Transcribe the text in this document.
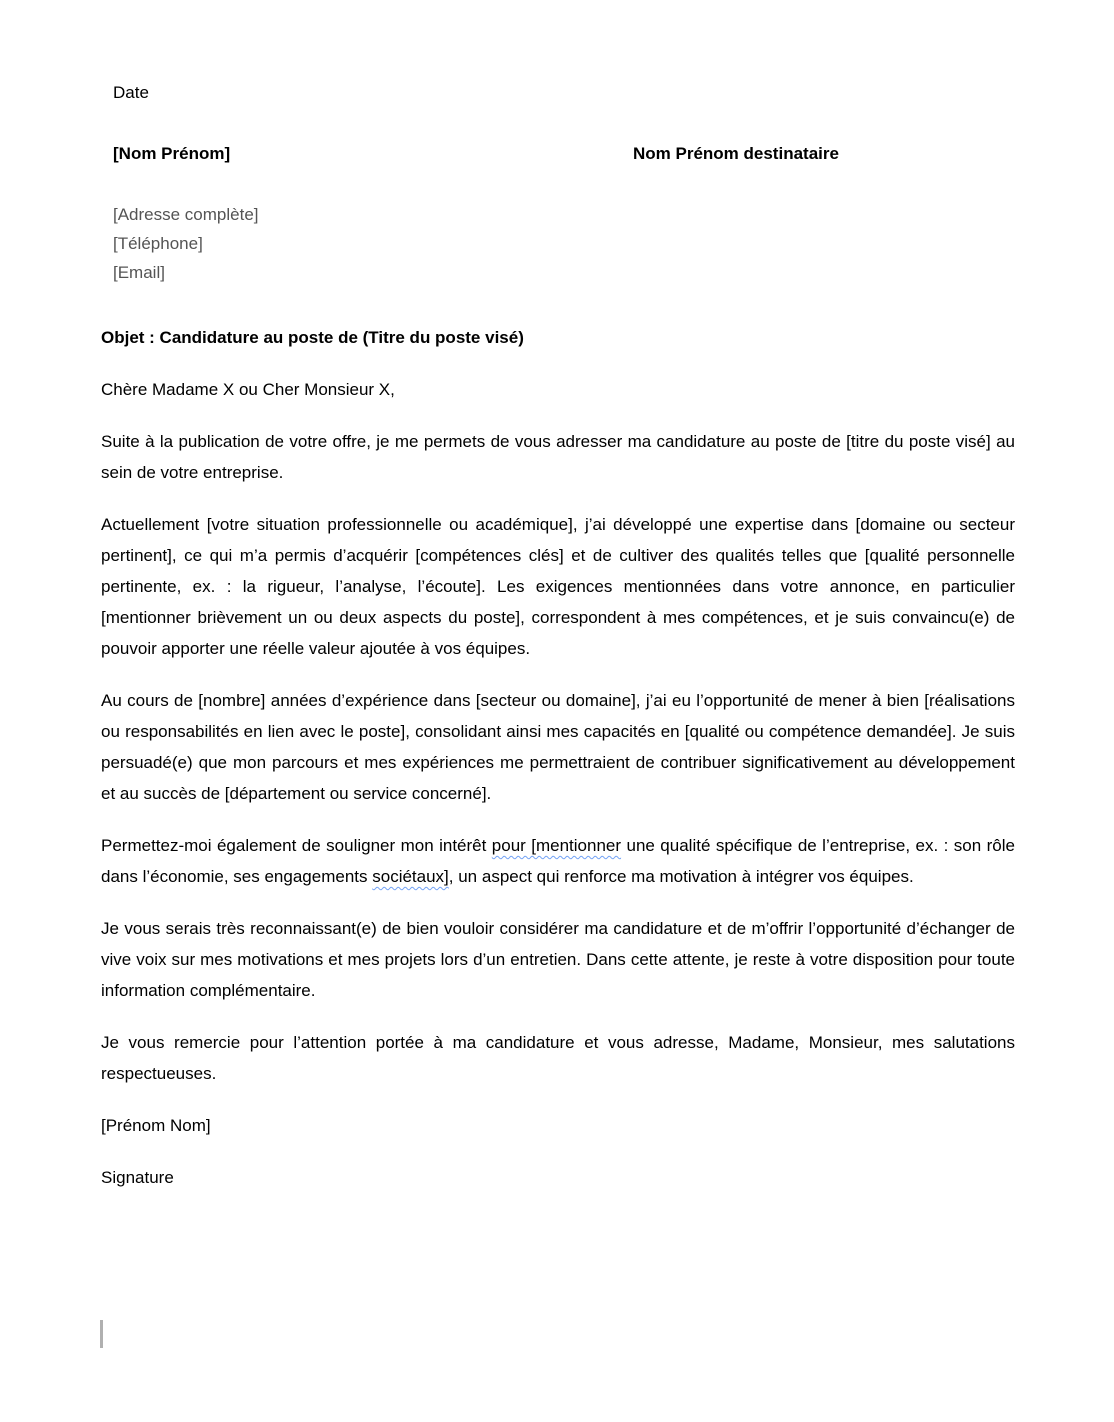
Date

[Nom Prénom]	Nom Prénom destinataire

[Adresse complète]

[Téléphone]

[Email]

Objet : Candidature au poste de (Titre du poste visé)

Chère Madame X ou Cher Monsieur X,

Suite à la publication de votre offre, je me permets de vous adresser ma candidature au poste de [titre du poste visé] au sein de votre entreprise.

Actuellement [votre situation professionnelle ou académique], j’ai développé une expertise dans [domaine ou secteur pertinent], ce qui m’a permis d’acquérir [compétences clés] et de cultiver des qualités telles que [qualité personnelle pertinente, ex. : la rigueur, l’analyse, l’écoute]. Les exigences mentionnées dans votre annonce, en particulier [mentionner brièvement un ou deux aspects du poste], correspondent à mes compétences, et je suis convaincu(e) de pouvoir apporter une réelle valeur ajoutée à vos équipes.

Au cours de [nombre] années d’expérience dans [secteur ou domaine], j’ai eu l’opportunité de mener à bien [réalisations ou responsabilités en lien avec le poste], consolidant ainsi mes capacités en [qualité ou compétence demandée]. Je suis persuadé(e) que mon parcours et mes expériences me permettraient de contribuer significativement au développement et au succès de [département ou service concerné].

Permettez-moi également de souligner mon intérêt pour [mentionner une qualité spécifique de l’entreprise, ex. : son rôle dans l’économie, ses engagements sociétaux], un aspect qui renforce ma motivation à intégrer vos équipes.

Je vous serais très reconnaissant(e) de bien vouloir considérer ma candidature et de m’offrir l’opportunité d’échanger de vive voix sur mes motivations et mes projets lors d’un entretien. Dans cette attente, je reste à votre disposition pour toute information complémentaire.

Je vous remercie pour l’attention portée à ma candidature et vous adresse, Madame, Monsieur, mes salutations respectueuses.

[Prénom Nom]

Signature
